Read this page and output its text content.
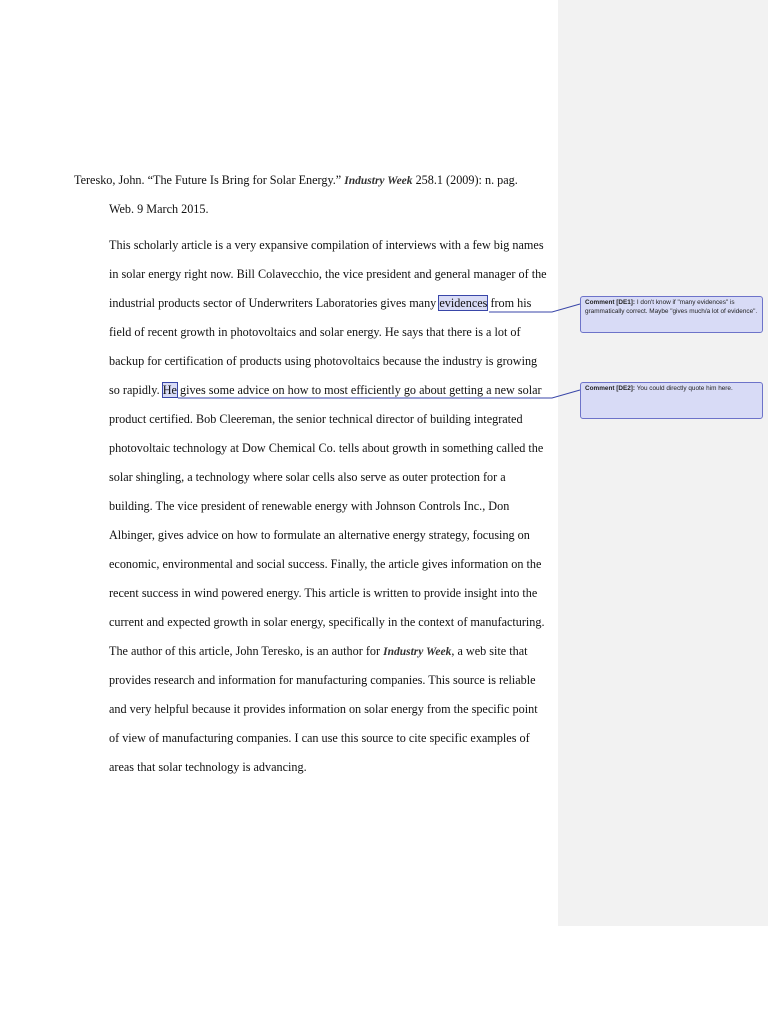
Teresko, John. “The Future Is Bring for Solar Energy.” Industry Week 258.1 (2009): n. pag.
Web. 9 March 2015.
This scholarly article is a very expansive compilation of interviews with a few big names
in solar energy right now. Bill Colavecchio, the vice president and general manager of the
industrial products sector of Underwriters Laboratories gives many evidences from his
field of recent growth in photovoltaics and solar energy. He says that there is a lot of
backup for certification of products using photovoltaics because the industry is growing
so rapidly. He gives some advice on how to most efficiently go about getting a new solar
product certified. Bob Cleereman, the senior technical director of building integrated
photovoltaic technology at Dow Chemical Co. tells about growth in something called the
solar shingling, a technology where solar cells also serve as outer protection for a
building. The vice president of renewable energy with Johnson Controls Inc., Don
Albinger, gives advice on how to formulate an alternative energy strategy, focusing on
economic, environmental and social success. Finally, the article gives information on the
recent success in wind powered energy. This article is written to provide insight into the
current and expected growth in solar energy, specifically in the context of manufacturing.
The author of this article, John Teresko, is an author for Industry Week, a web site that
provides research and information for manufacturing companies. This source is reliable
and very helpful because it provides information on solar energy from the specific point
of view of manufacturing companies. I can use this source to cite specific examples of
areas that solar technology is advancing.
Comment [DE1]: I don't know if "many evidences" is grammatically correct. Maybe "gives much/a lot of evidence".
Comment [DE2]: You could directly quote him here.
